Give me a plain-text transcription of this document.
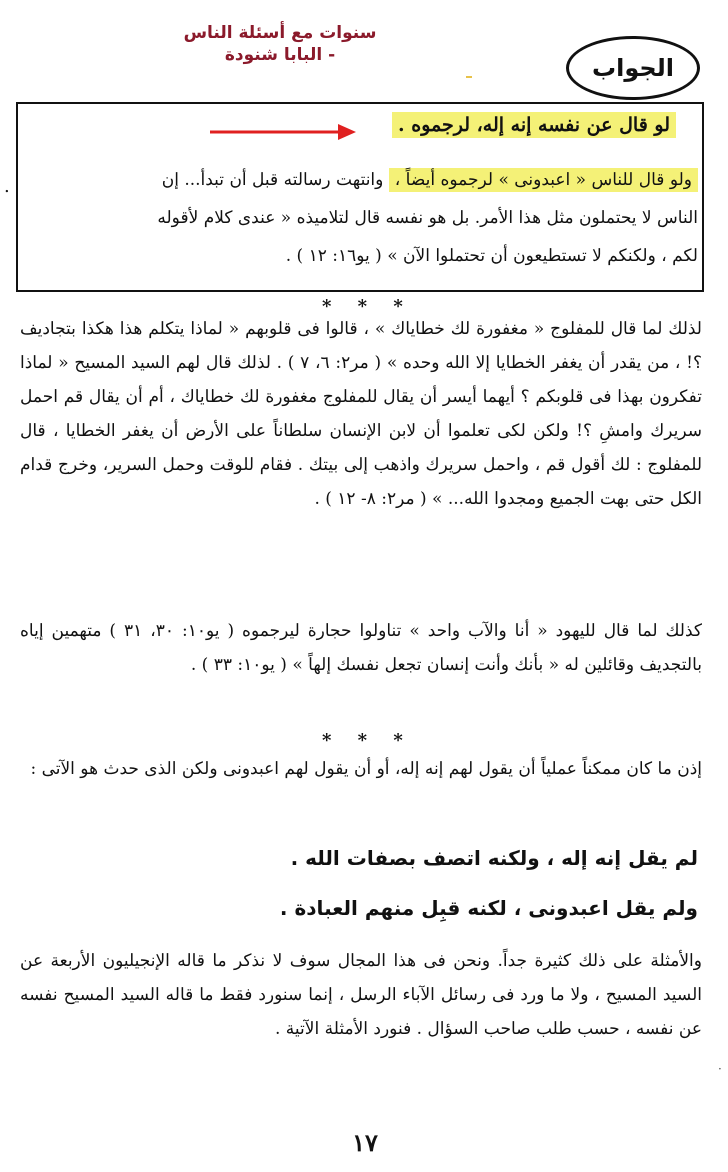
سنوات مع أسئلة الناس
- البابا شنودة	الجواب
لو قال عن نفسه إنه إله، لرجموه .
ولو قال للناس « اعبدونى » لرجموه أيضاً ، وانتهت رسالته قبل أن تبدأ... إن
.
الناس لا يحتملون مثل هذا الأمر. بل هو نفسه قال لتلاميذه « عندى كلام لأقوله
لكم ، ولكنكم لا تستطيعون أن تحتملوا الآن » ( يو١٦: ١٢ ) .
* * *
لذلك لما قال للمفلوج « مغفورة لك خطاياك » ، قالوا فى قلوبهم « لماذا يتكلم هذا هكذا بتجاديف ؟! ، من يقدر أن يغفر الخطايا إلا الله وحده » ( مر٢: ٦، ٧ ) . لذلك قال لهم السيد المسيح « لماذا تفكرون بهذا فى قلوبكم ؟ أيهما أيسر أن يقال للمفلوج مغفورة لك خطاياك ، أم أن يقال قم احمل سريرك وامشِ ؟! ولكن لكى تعلموا أن لابن الإنسان سلطاناً على الأرض أن يغفر الخطايا ، قال للمفلوج : لك أقول قم ، واحمل سريرك واذهب إلى بيتك . فقام للوقت وحمل السرير، وخرج قدام الكل حتى بهت الجميع ومجدوا الله... » ( مر٢: ٨- ١٢ ) .
كذلك لما قال لليهود « أنا والآب واحد » تناولوا حجارة ليرجموه ( يو١٠: ٣٠، ٣١ ) متهمين إياه بالتجديف وقائلين له « بأنك وأنت إنسان تجعل نفسك إلهاً » ( يو١٠: ٣٣ ) .
* * *
إذن ما كان ممكناً عملياً أن يقول لهم إنه إله، أو أن يقول لهم اعبدونى ولكن الذى حدث هو الآتى :
لم يقل إنه إله ، ولكنه اتصف بصفات الله .
ولم يقل اعبدونى ، لكنه قبِل منهم العبادة .
والأمثلة على ذلك كثيرة جداً. ونحن فى هذا المجال سوف لا نذكر ما قاله الإنجيليون الأربعة عن السيد المسيح ، ولا ما ورد فى رسائل الآباء الرسل ، إنما سنورد فقط ما قاله السيد المسيح نفسه عن نفسه ، حسب طلب صاحب السؤال . فنورد الأمثلة الآتية .
·
١٧
